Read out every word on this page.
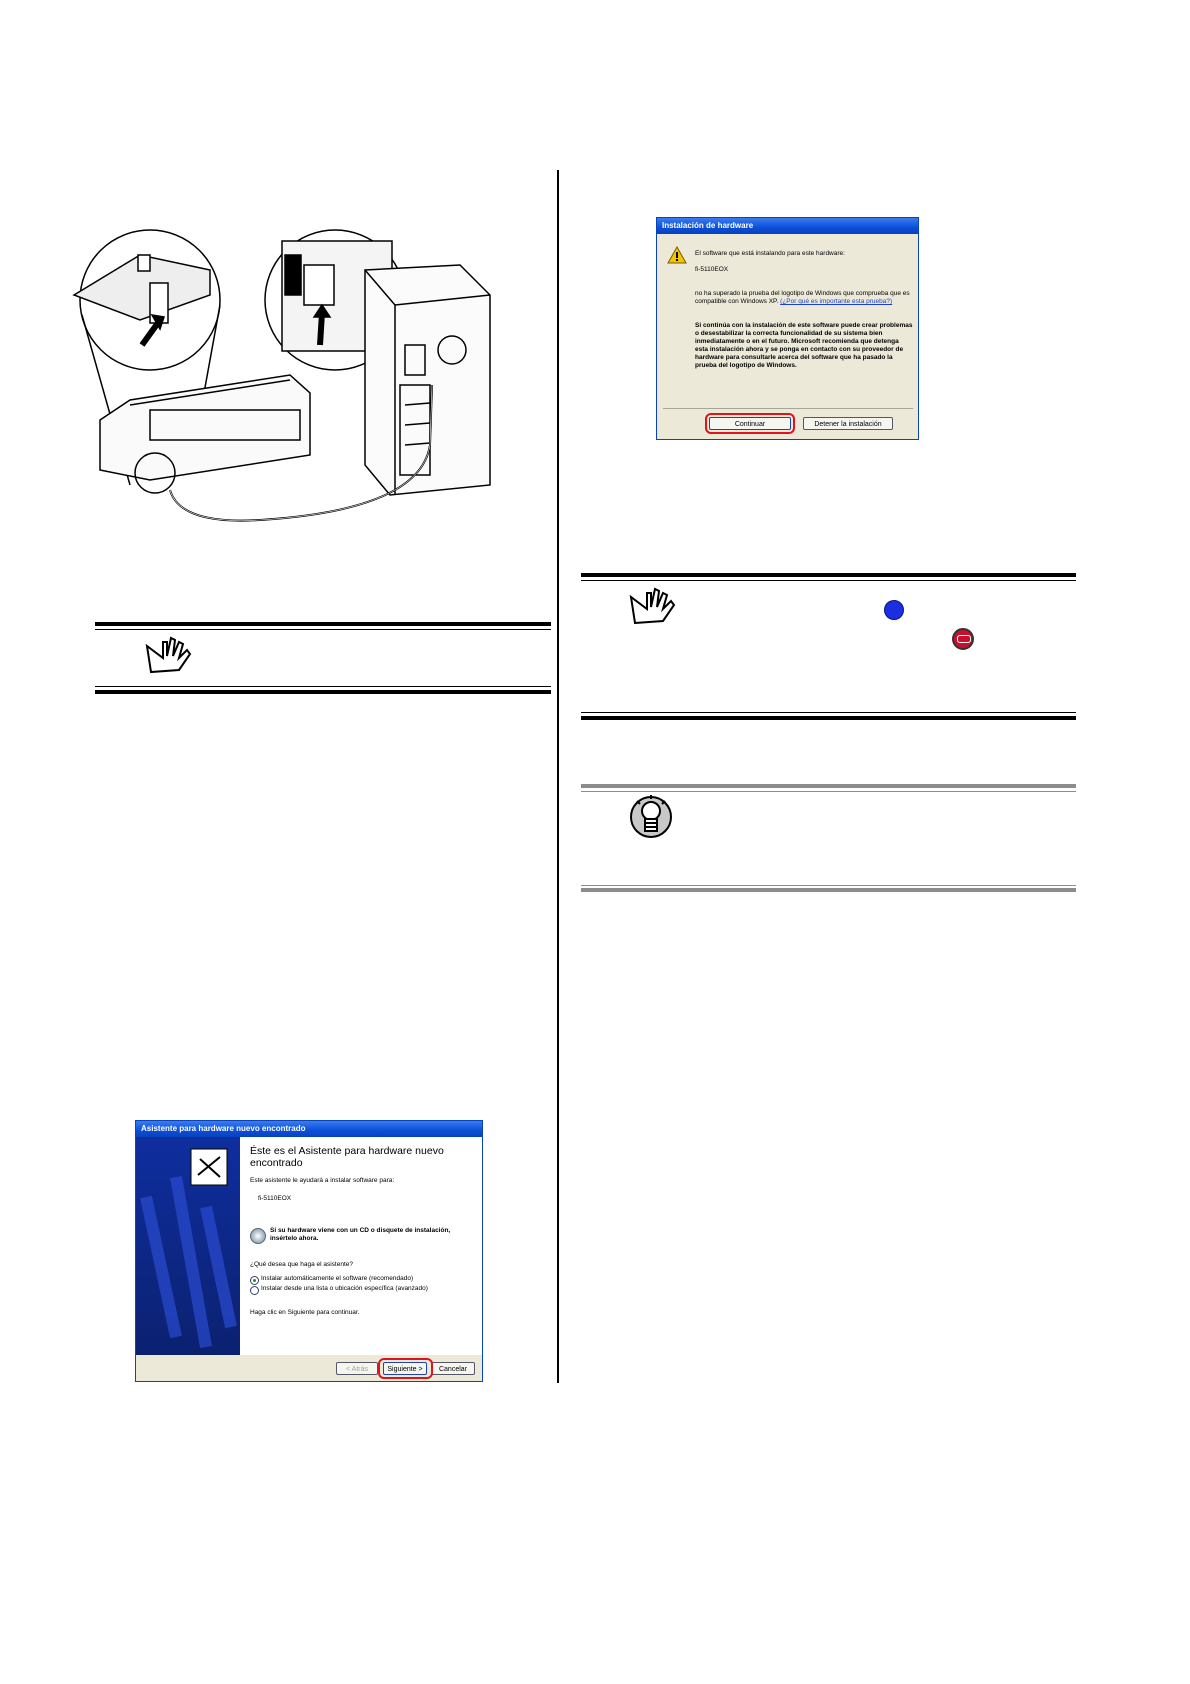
Asistente para hardware nuevo encontrado
Éste es el Asistente para hardware nuevo encontrado
Este asistente le ayudará a instalar software para:
fi-5110EOX
Si su hardware viene con un CD o disquete de instalación, insértelo ahora.
¿Qué desea que haga el asistente?
Instalar automáticamente el software (recomendado)
Instalar desde una lista o ubicación específica (avanzado)
Haga clic en Siguiente para continuar.
< Atrás	Siguiente >	Cancelar
Instalación de hardware
El software que está instalando para este hardware:
fi-5110EOX
no ha superado la prueba del logotipo de Windows que comprueba que es compatible con Windows XP. (¿Por qué es importante esta prueba?)
Si continúa con la instalación de este software puede crear problemas o desestabilizar la correcta funcionalidad de su sistema bien inmediatamente o en el futuro. Microsoft recomienda que detenga esta instalación ahora y se ponga en contacto con su proveedor de hardware para consultarle acerca del software que ha pasado la prueba del logotipo de Windows.
Continuar	Detener la instalación
